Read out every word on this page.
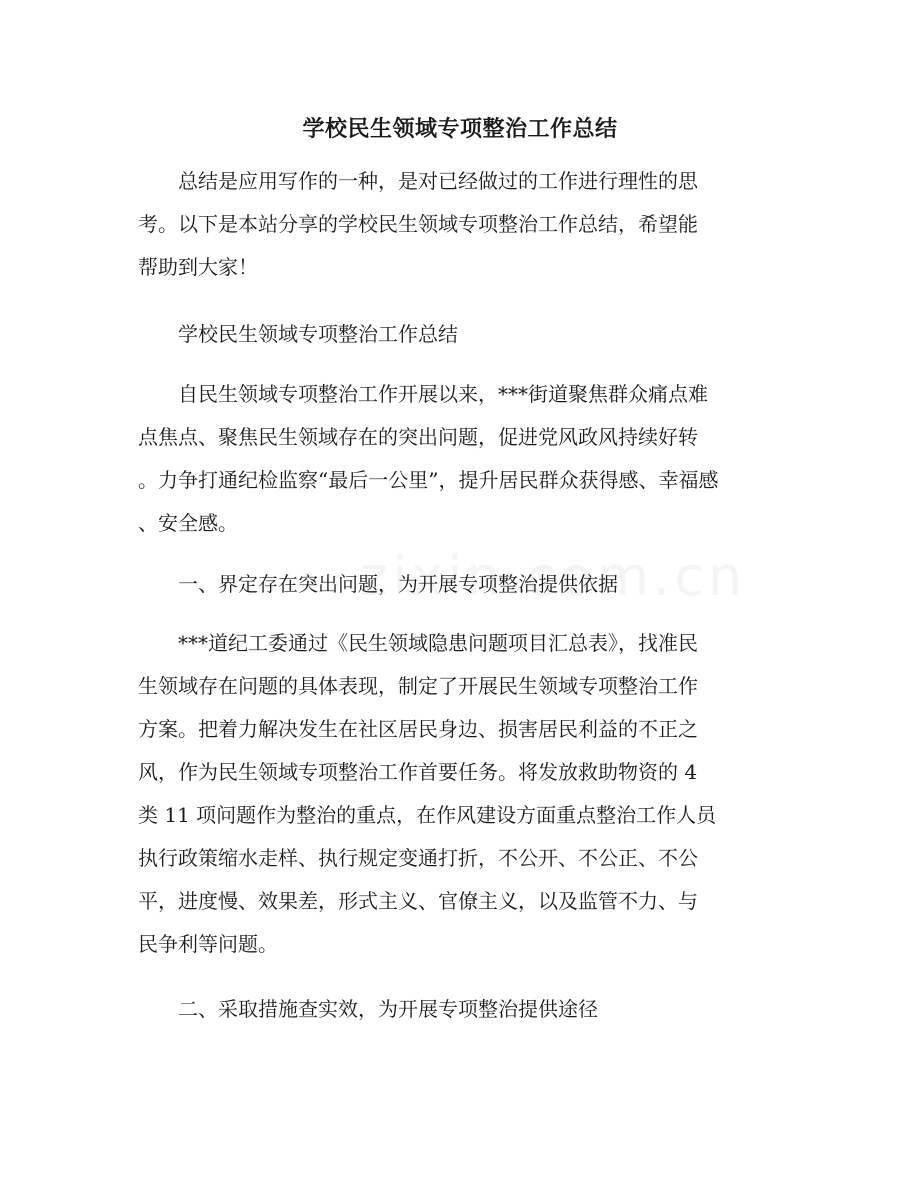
学校民生领域专项整治工作总结
总结是应用写作的一种，是对已经做过的工作进行理性的思
考。以下是本站分享的学校民生领域专项整治工作总结，希望能
帮助到大家！
学校民生领域专项整治工作总结
自民生领域专项整治工作开展以来，***街道聚焦群众痛点难
点焦点、聚焦民生领域存在的突出问题，促进党风政风持续好转
。力争打通纪检监察“最后一公里”，提升居民群众获得感、幸福感
、安全感。
一、界定存在突出问题，为开展专项整治提供依据
***道纪工委通过《民生领域隐患问题项目汇总表》，找准民
生领域存在问题的具体表现，制定了开展民生领域专项整治工作
方案。把着力解决发生在社区居民身边、损害居民利益的不正之
风，作为民生领域专项整治工作首要任务。将发放救助物资的 4
类 11 项问题作为整治的重点，在作风建设方面重点整治工作人员
执行政策缩水走样、执行规定变通打折，不公开、不公正、不公
平，进度慢、效果差，形式主义、官僚主义，以及监管不力、与
民争利等问题。
二、采取措施查实效，为开展专项整治提供途径
